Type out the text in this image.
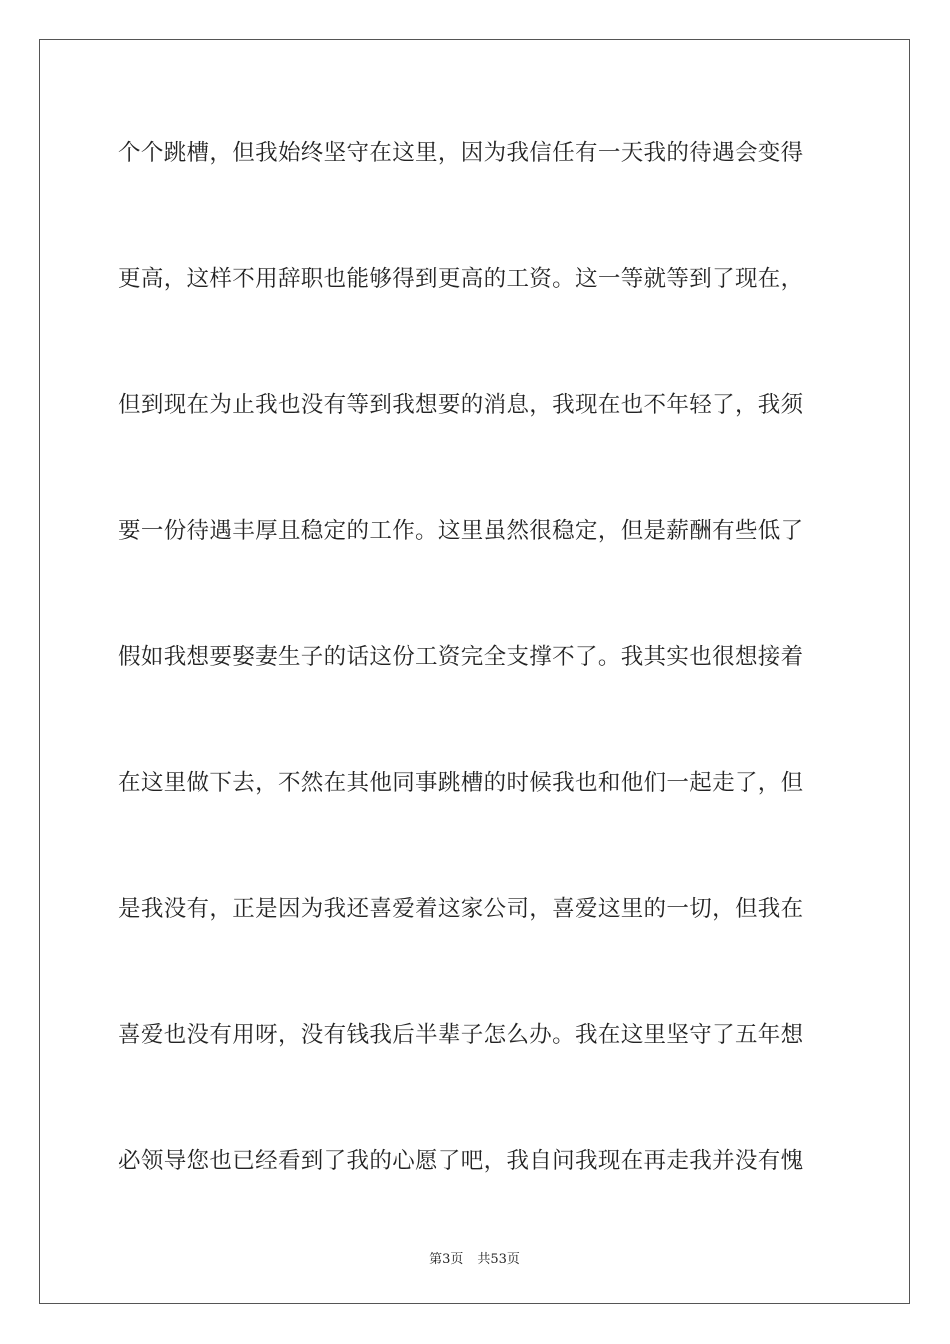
个个跳槽，但我始终坚守在这里，因为我信任有一天我的待遇会变得
更高，这样不用辞职也能够得到更高的工资。这一等就等到了现在，
但到现在为止我也没有等到我想要的消息，我现在也不年轻了，我须
要一份待遇丰厚且稳定的工作。这里虽然很稳定，但是薪酬有些低了
假如我想要娶妻生子的话这份工资完全支撑不了。我其实也很想接着
在这里做下去，不然在其他同事跳槽的时候我也和他们一起走了，但
是我没有，正是因为我还喜爱着这家公司，喜爱这里的一切，但我在
喜爱也没有用呀，没有钱我后半辈子怎么办。我在这里坚守了五年想
必领导您也已经看到了我的心愿了吧，我自问我现在再走我并没有愧
第3页 共53页
